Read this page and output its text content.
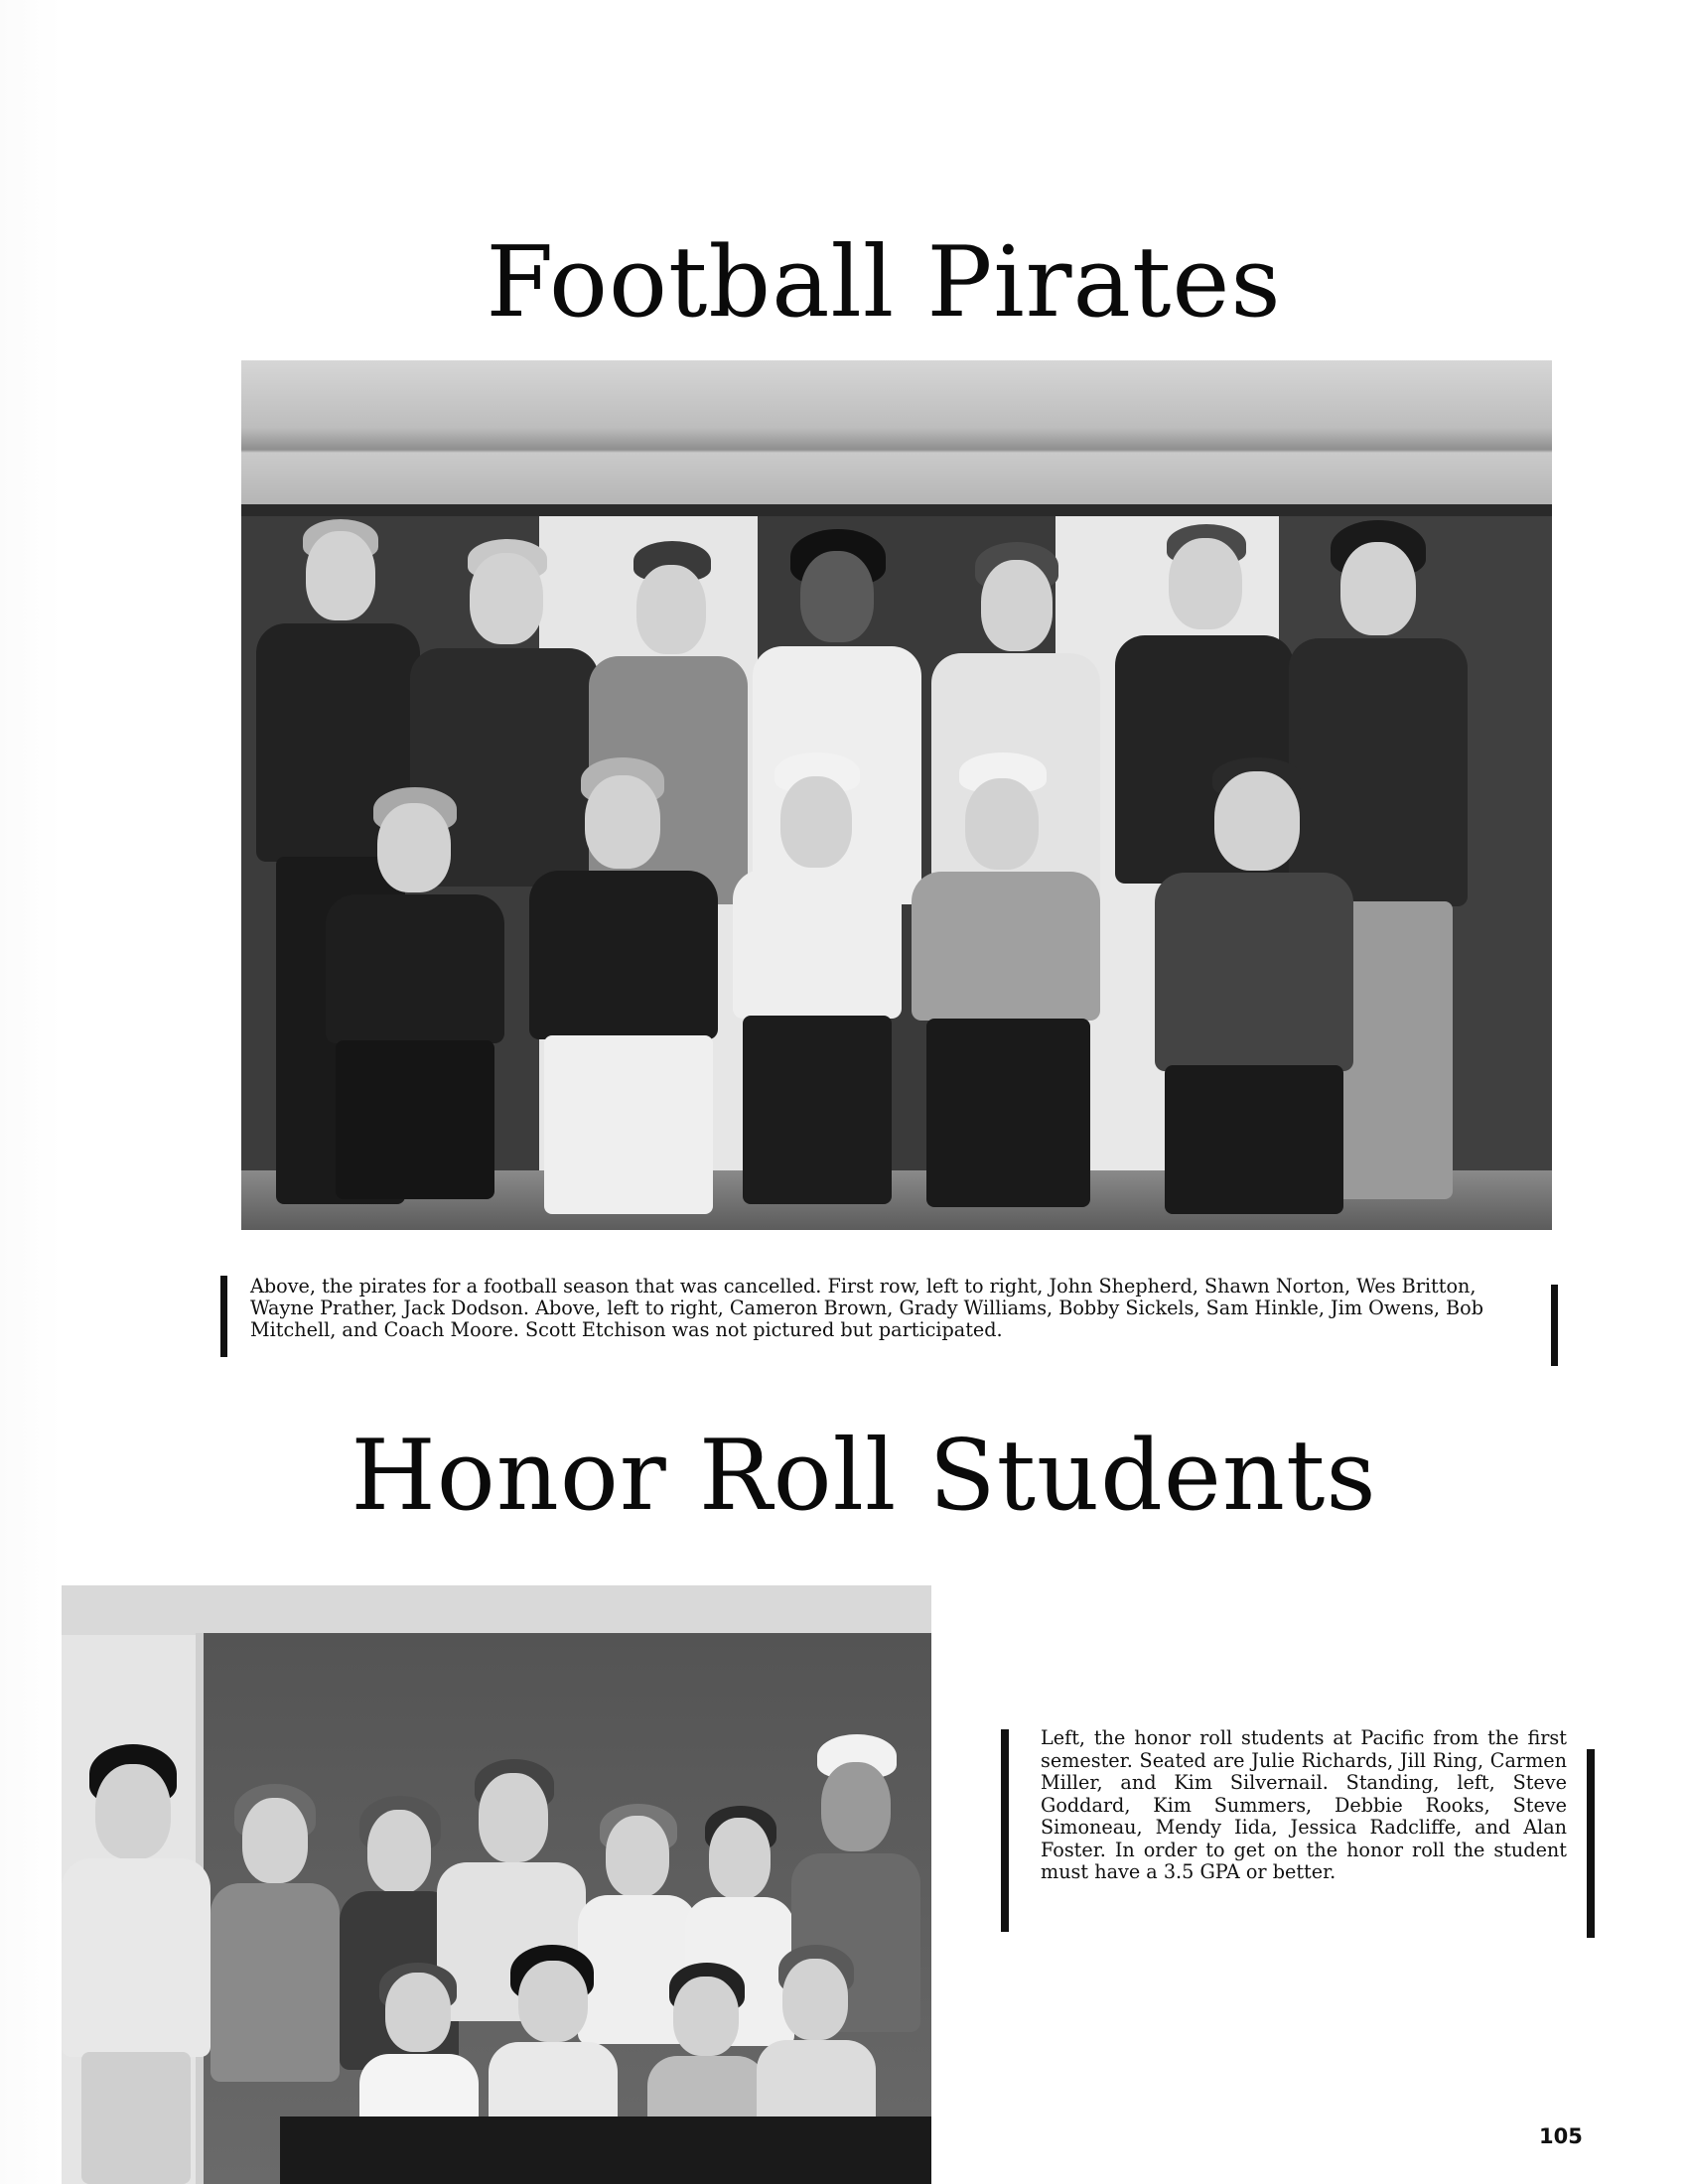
Football Pirates
Above, the pirates for a football season that was cancelled. First row, left to right, John Shepherd, Shawn Norton, Wes Britton, Wayne Prather, Jack Dodson. Above, left to right, Cameron Brown, Grady Williams, Bobby Sickels, Sam Hinkle, Jim Owens, Bob Mitchell, and Coach Moore. Scott Etchison was not pictured but participated.
Honor Roll Students
Left, the honor roll students at Pacific from the first semester. Seated are Julie Richards, Jill Ring, Carmen Miller, and Kim Silvernail. Standing, left, Steve Goddard, Kim Summers, Debbie Rooks, Steve Simoneau, Mendy Iida, Jessica Radcliffe, and Alan Foster. In order to get on the honor roll the student must have a 3.5 GPA or better.
105
